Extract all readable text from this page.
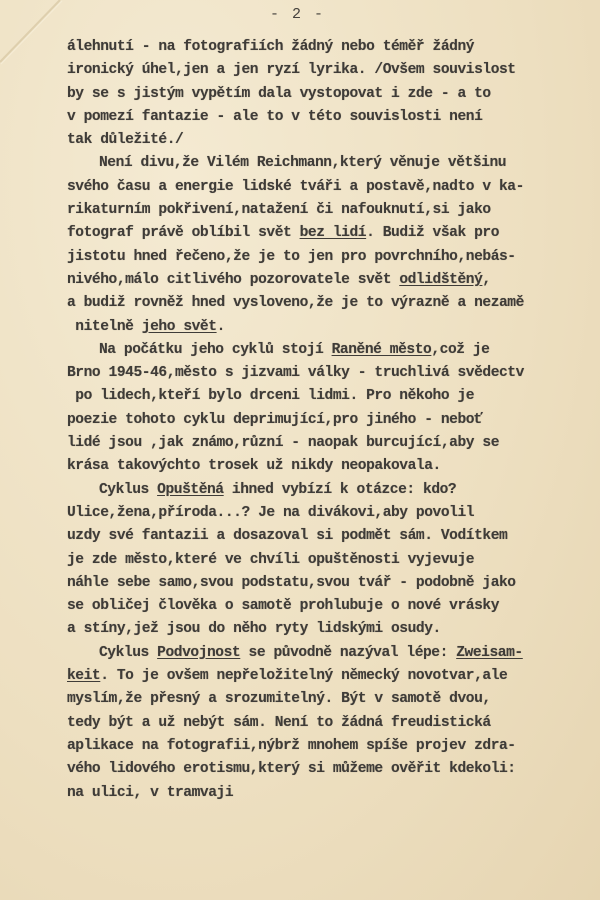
- 2 -
álehnutí - na fotografiích žádný nebo téměř žádný
ironický úhel,jen a jen ryzí lyrika. /Ovšem souvislost
by se s jistým vypětím dala vystopovat i zde - a to
v pomezí fantazie - ale to v této souvislosti není
tak důležité./
Není divu,že Vilém Reichmann,který věnuje většinu
svého času a energie lidské tváři a postavě,nadto v ka-
rikaturním pokřivení,natažení či nafouknutí,si jako
fotograf právě oblíbil svět bez lidí. Budiž však pro
jistotu hned řečeno,že je to jen pro povrchního,nebás-
nivého,málo citlivého pozorovatele svět odlidštěný,
a budiž rovněž hned vysloveno,že je to výrazně a nezamě
nitelně jeho svět.
Na počátku jeho cyklů stojí Raněné město,což je
Brno 1945-46,město s jizvami války - truchlivá svědectv
po lidech,kteří bylo drceni lidmi. Pro někoho je
poezie tohoto cyklu deprimující,pro jiného - neboť
lidé jsou ,jak známo,různí - naopak burcující,aby se
krása takovýchto trosek už nikdy neopakovala.
Cyklus Opuštěná ihned vybízí k otázce: kdo?
Ulice,žena,příroda...? Je na divákovi,aby povolil
uzdy své fantazii a dosazoval si podmět sám. Vodítkem
je zde město,které ve chvíli opuštěnosti vyjevuje
náhle sebe samo,svou podstatu,svou tvář - podobně jako
se obličej člověka o samotě prohlubuje o nové vrásky
a stíny,jež jsou do něho ryty lidskými osudy.
Cyklus Podvojnost se původně nazýval lépe: Zweisam-
keit. To je ovšem nepřeložitelný německý novotvar,ale
myslím,že přesný a srozumitelný. Být v samotě dvou,
tedy být a už nebýt sám. Není to žádná freudistická
aplikace na fotografii,nýbrž mnohem spíše projev zdra-
vého lidového erotismu,který si můžeme ověřit kdekoli:
na ulici, v tramvaji
